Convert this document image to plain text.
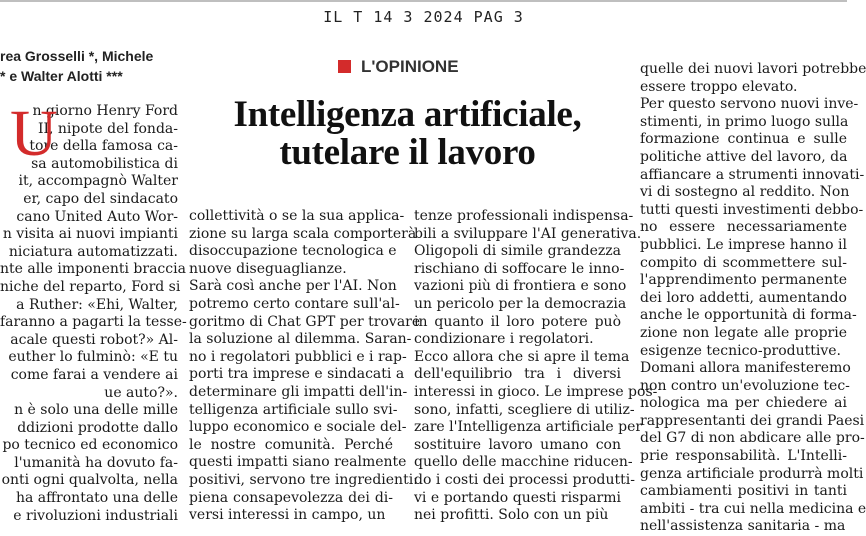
IL T 14 3 2024 PAG 3
rea Grosselli *, Michele
* e Walter Alotti ***	L'OPINIONE
Intelligenza artificiale,
tutelare il lavoro
U
n giorno Henry Ford
II, nipote del fonda-
tore della famosa ca-
sa automobilistica di
it, accompagnò Walter
er, capo del sindacato
cano United Auto Wor-
n visita ai nuovi impianti
niciatura automatizzati.
nte alle imponenti braccia
niche del reparto, Ford si
a Ruther: «Ehi, Walter,
faranno a pagarti la tesse-
acale questi robot?» Al-
euther lo fulminò: «E tu
come farai a vendere ai
ue auto?».
n è solo una delle mille
ddizioni prodotte dallo
po tecnico ed economico
l'umanità ha dovuto fa-
onti ogni qualvolta, nella
ha affrontato una delle
e rivoluzioni industriali
collettività o se la sua applica-
zione su larga scala comporterà
disoccupazione tecnologica e
nuove diseguaglianze.
Sarà così anche per l'AI. Non
potremo certo contare sull'al-
goritmo di Chat GPT per trovare
la soluzione al dilemma. Saran-
no i regolatori pubblici e i rap-
porti tra imprese e sindacati a
determinare gli impatti dell'in-
telligenza artificiale sullo svi-
luppo economico e sociale del-
le nostre comunità. Perché
questi impatti siano realmente
positivi, servono tre ingredienti:
piena consapevolezza dei di-
versi interessi in campo, un
tenze professionali indispensa-
bili a sviluppare l'AI generativa.
Oligopoli di simile grandezza
rischiano di soffocare le inno-
vazioni più di frontiera e sono
un pericolo per la democrazia
in quanto il loro potere può
condizionare i regolatori.
Ecco allora che si apre il tema
dell'equilibrio tra i diversi
interessi in gioco. Le imprese pos-
sono, infatti, scegliere di utiliz-
zare l'Intelligenza artificiale per
sostituire lavoro umano con
quello delle macchine riducen-
do i costi dei processi produtti-
vi e portando questi risparmi
nei profitti. Solo con un più
quelle dei nuovi lavori potrebbe
essere troppo elevato.
Per questo servono nuovi inve-
stimenti, in primo luogo sulla
formazione continua e sulle
politiche attive del lavoro, da
affiancare a strumenti innovati-
vi di sostegno al reddito. Non
tutti questi investimenti debbo-
no essere necessariamente
pubblici. Le imprese hanno il
compito di scommettere sul-
l'apprendimento permanente
dei loro addetti, aumentando
anche le opportunità di forma-
zione non legate alle proprie
esigenze tecnico-produttive.
Domani allora manifesteremo
non contro un'evoluzione tec-
nologica ma per chiedere ai
rappresentanti dei grandi Paesi
del G7 di non abdicare alle pro-
prie responsabilità. L'Intelli-
genza artificiale produrrà molti
cambiamenti positivi in tanti
ambiti - tra cui nella medicina e
nell'assistenza sanitaria - ma
